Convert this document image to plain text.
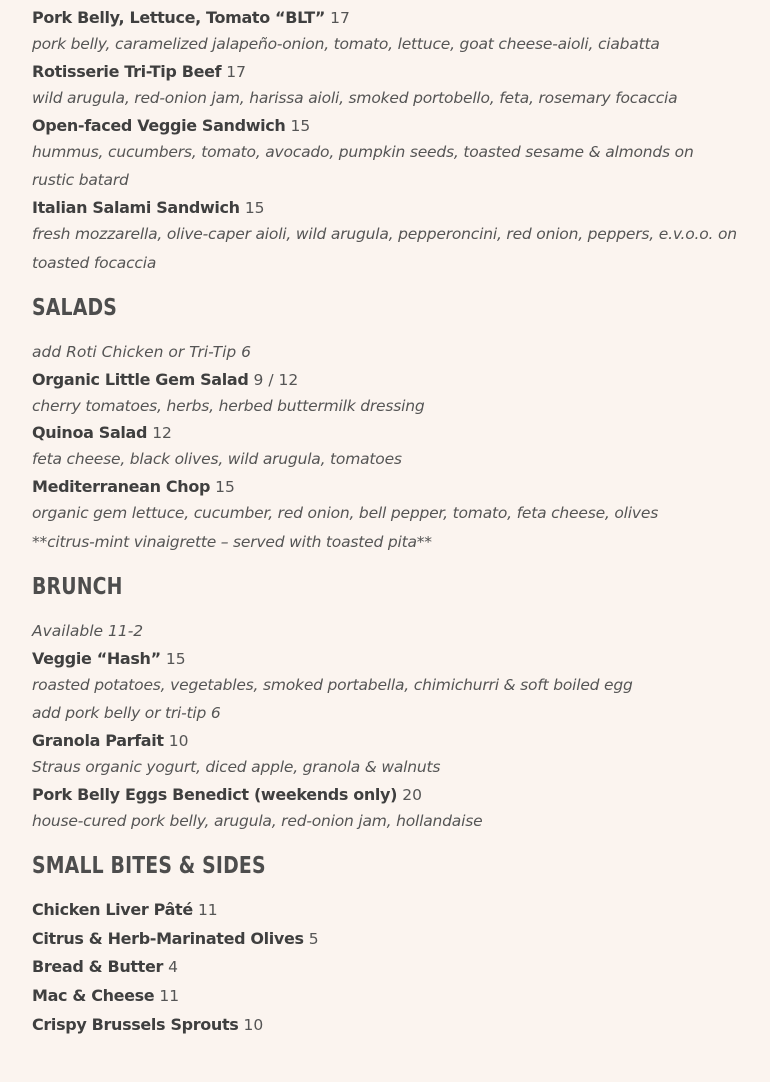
Pork Belly, Lettuce, Tomato “BLT” 17

pork belly, caramelized jalapeño-onion, tomato, lettuce, goat cheese-aioli, ciabatta

Rotisserie Tri-Tip Beef 17

wild arugula, red-onion jam, harissa aioli, smoked portobello, feta, rosemary focaccia

Open-faced Veggie Sandwich 15

hummus, cucumbers, tomato, avocado, pumpkin seeds, toasted sesame & almonds on rustic batard

Italian Salami Sandwich 15

fresh mozzarella, olive-caper aioli, wild arugula, pepperoncini, red onion, peppers, e.v.o.o. on toasted focaccia

SALADS

add Roti Chicken or Tri-Tip 6

Organic Little Gem Salad 9 / 12

cherry tomatoes, herbs, herbed buttermilk dressing

Quinoa Salad 12

feta cheese, black olives, wild arugula, tomatoes

Mediterranean Chop 15

organic gem lettuce, cucumber, red onion, bell pepper, tomato, feta cheese, olives

**citrus-mint vinaigrette – served with toasted pita**

BRUNCH

Available 11-2

Veggie “Hash” 15

roasted potatoes, vegetables, smoked portabella, chimichurri & soft boiled egg

add pork belly or tri-tip 6

Granola Parfait 10

Straus organic yogurt, diced apple, granola & walnuts

Pork Belly Eggs Benedict (weekends only) 20

house-cured pork belly, arugula, red-onion jam, hollandaise

SMALL BITES & SIDES

Chicken Liver Pâté 11

Citrus & Herb-Marinated Olives 5

Bread & Butter 4

Mac & Cheese 11

Crispy Brussels Sprouts 10
